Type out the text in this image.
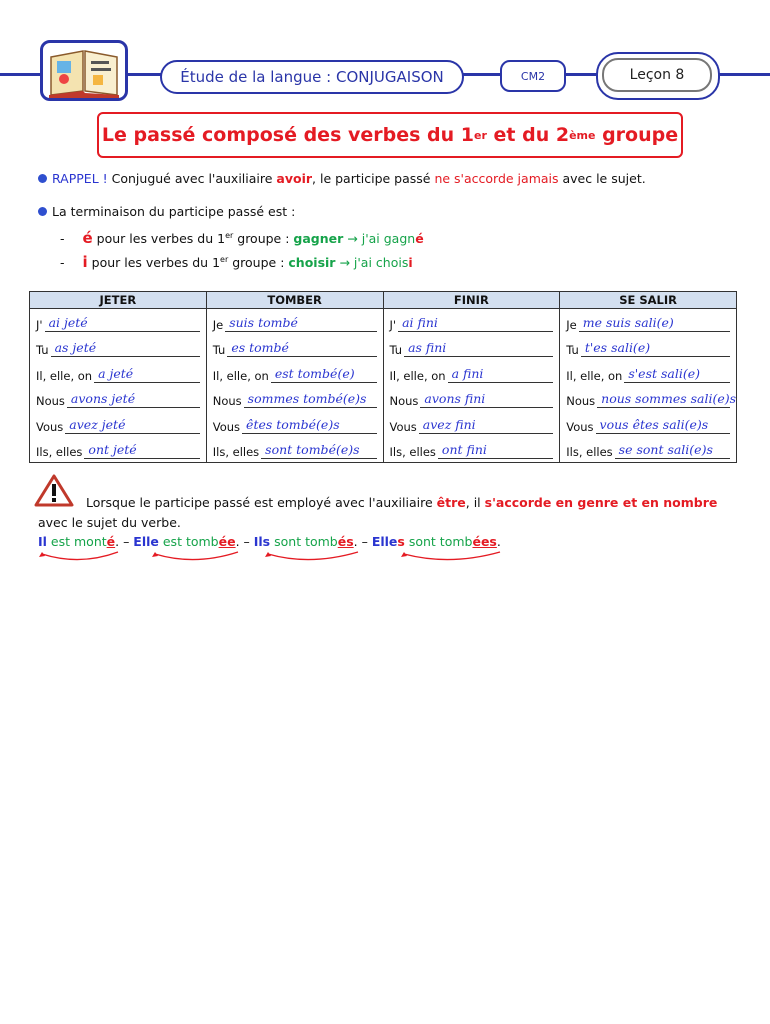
Étude de la langue : CONJUGAISON	CM2	Leçon 8
Le passé composé des verbes du 1 er et du 2 ème groupe
RAPPEL ! Conjugué avec l'auxiliaire avoir, le participe passé ne s'accorde jamais avec le sujet.
La terminaison du participe passé est :
- é pour les verbes du 1er groupe : gagner → j'ai gagné
- i pour les verbes du 1er groupe : choisir → j'ai choisi
JETER	TOMBER	FINIR	SE SALIR

J' ai jeté	Je suis tombé	J' ai fini	Je me suis sali(e)

Tu as jeté	Tu es tombé	Tu as fini	Tu t'es sali(e)

Il, elle, on a jeté	Il, elle, on est tombé(e)	Il, elle, on a fini	Il, elle, on s'est sali(e)

Nous avons jeté	Nous sommes tombé(e)s	Nous avons fini	Nous nous sommes sali(e)s

Vous avez jeté	Vous êtes tombé(e)s	Vous avez fini	Vous vous êtes sali(e)s

Ils, elles ont jeté	Ils, elles sont tombé(e)s	Ils, elles ont fini	Ils, elles se sont sali(e)s
Lorsque le participe passé est employé avec l'auxiliaire être, il s'accorde en genre et en nombre
avec le sujet du verbe.
Il est monté. – Elle est tombée. – Ils sont tombés. – Elles sont tombées.
